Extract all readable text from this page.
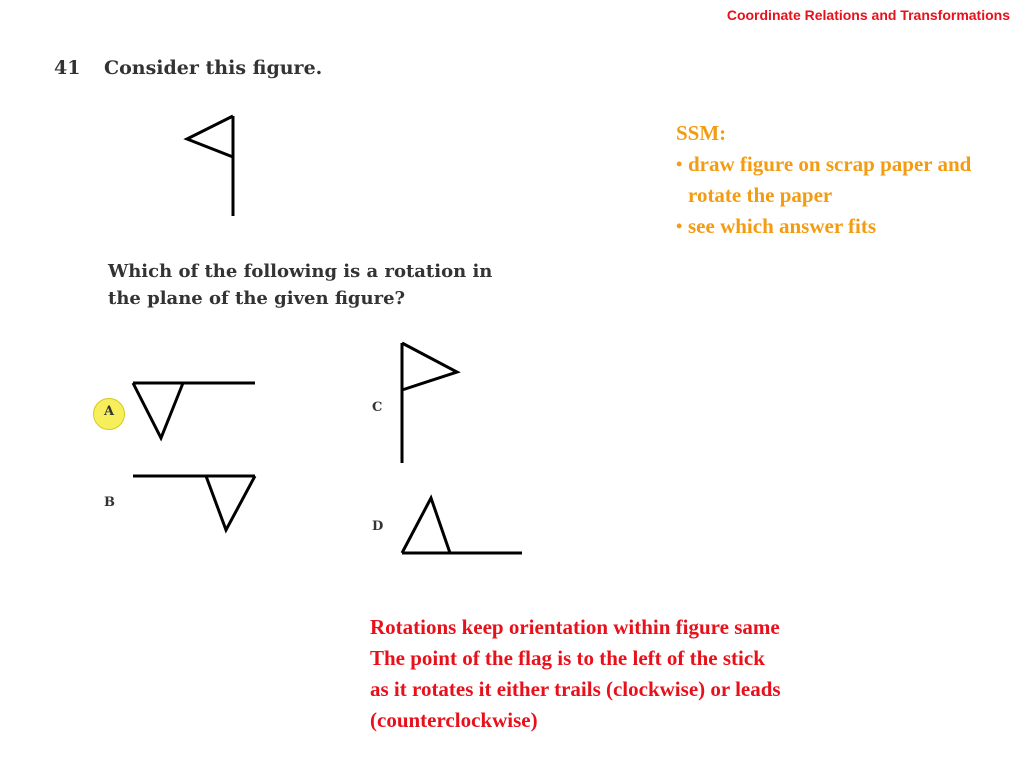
Coordinate Relations and Transformations
41 Consider this figure.
Which of the following is a rotation in
the plane of the given figure?
A
B
C
D
SSM:
• draw figure on scrap paper and rotate the paper
• see which answer fits
Rotations keep orientation within figure same
The point of the flag is to the left of the stick
as it rotates it either trails (clockwise) or leads
(counterclockwise)
